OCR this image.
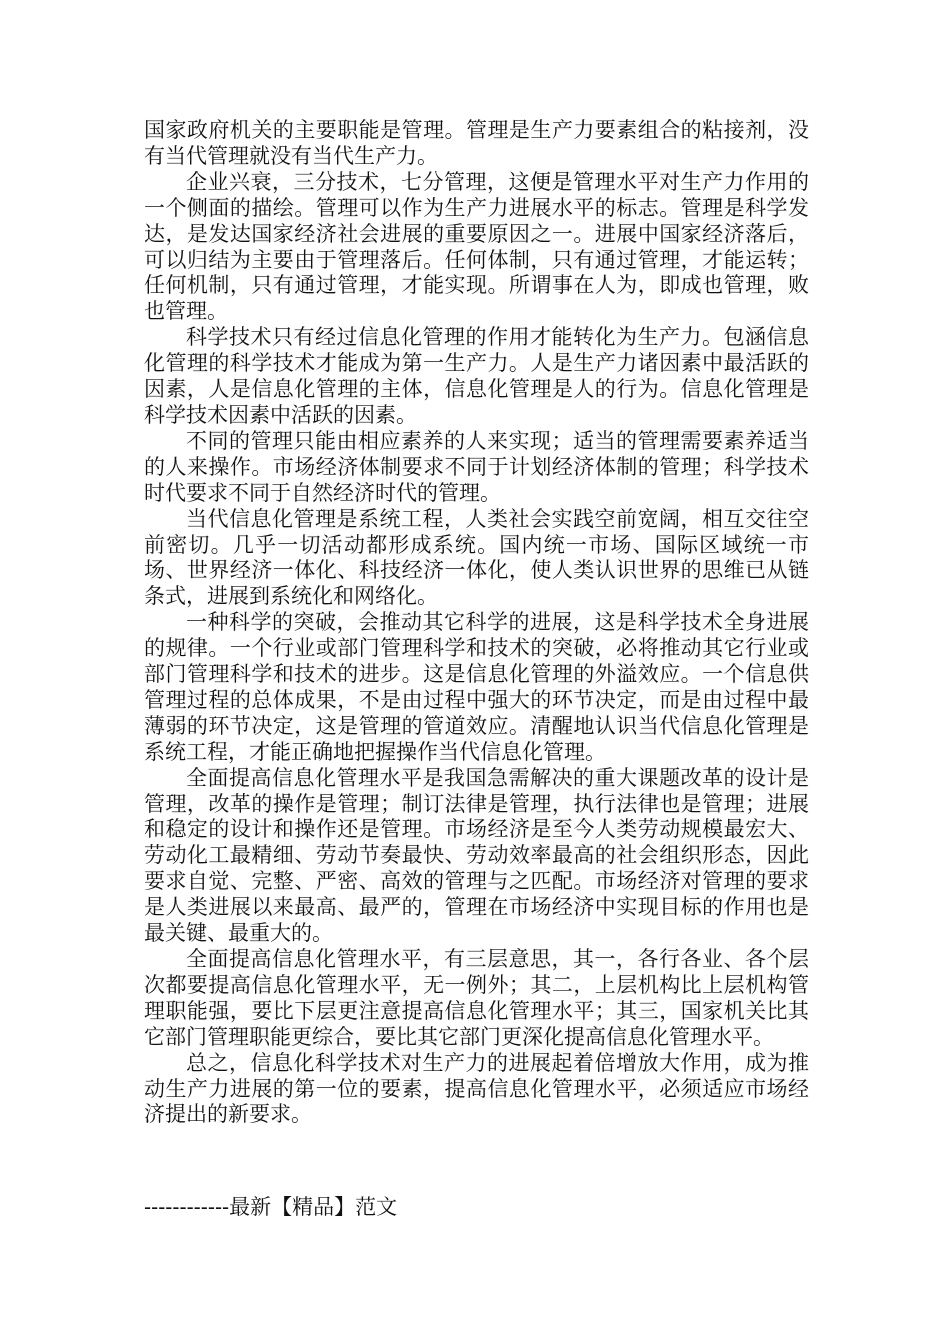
国家政府机关的主要职能是管理。管理是生产力要素组合的粘接剂，没有当代管理就没有当代生产力。

企业兴衰，三分技术，七分管理，这便是管理水平对生产力作用的一个侧面的描绘。管理可以作为生产力进展水平的标志。管理是科学发达，是发达国家经济社会进展的重要原因之一。进展中国家经济落后，可以归结为主要由于管理落后。任何体制，只有通过管理，才能运转；任何机制，只有通过管理，才能实现。所谓事在人为，即成也管理，败也管理。

科学技术只有经过信息化管理的作用才能转化为生产力。包涵信息化管理的科学技术才能成为第一生产力。人是生产力诸因素中最活跃的因素，人是信息化管理的主体，信息化管理是人的行为。信息化管理是科学技术因素中活跃的因素。

不同的管理只能由相应素养的人来实现；适当的管理需要素养适当的人来操作。市场经济体制要求不同于计划经济体制的管理；科学技术时代要求不同于自然经济时代的管理。

当代信息化管理是系统工程，人类社会实践空前宽阔，相互交往空前密切。几乎一切活动都形成系统。国内统一市场、国际区域统一市场、世界经济一体化、科技经济一体化，使人类认识世界的思维已从链条式，进展到系统化和网络化。

一种科学的突破，会推动其它科学的进展，这是科学技术全身进展的规律。一个行业或部门管理科学和技术的突破，必将推动其它行业或部门管理科学和技术的进步。这是信息化管理的外溢效应。一个信息供管理过程的总体成果，不是由过程中强大的环节决定，而是由过程中最薄弱的环节决定，这是管理的管道效应。清醒地认识当代信息化管理是系统工程，才能正确地把握操作当代信息化管理。

全面提高信息化管理水平是我国急需解决的重大课题改革的设计是管理，改革的操作是管理；制订法律是管理，执行法律也是管理；进展和稳定的设计和操作还是管理。市场经济是至今人类劳动规模最宏大、劳动化工最精细、劳动节奏最快、劳动效率最高的社会组织形态，因此要求自觉、完整、严密、高效的管理与之匹配。市场经济对管理的要求是人类进展以来最高、最严的，管理在市场经济中实现目标的作用也是最关键、最重大的。

全面提高信息化管理水平，有三层意思，其一，各行各业、各个层次都要提高信息化管理水平，无一例外；其二，上层机构比上层机构管理职能强，要比下层更注意提高信息化管理水平；其三，国家机关比其它部门管理职能更综合，要比其它部门更深化提高信息化管理水平。

总之，信息化科学技术对生产力的进展起着倍增放大作用，成为推动生产力进展的第一位的要素，提高信息化管理水平，必须适应市场经济提出的新要求。

------------最新【精品】范文
